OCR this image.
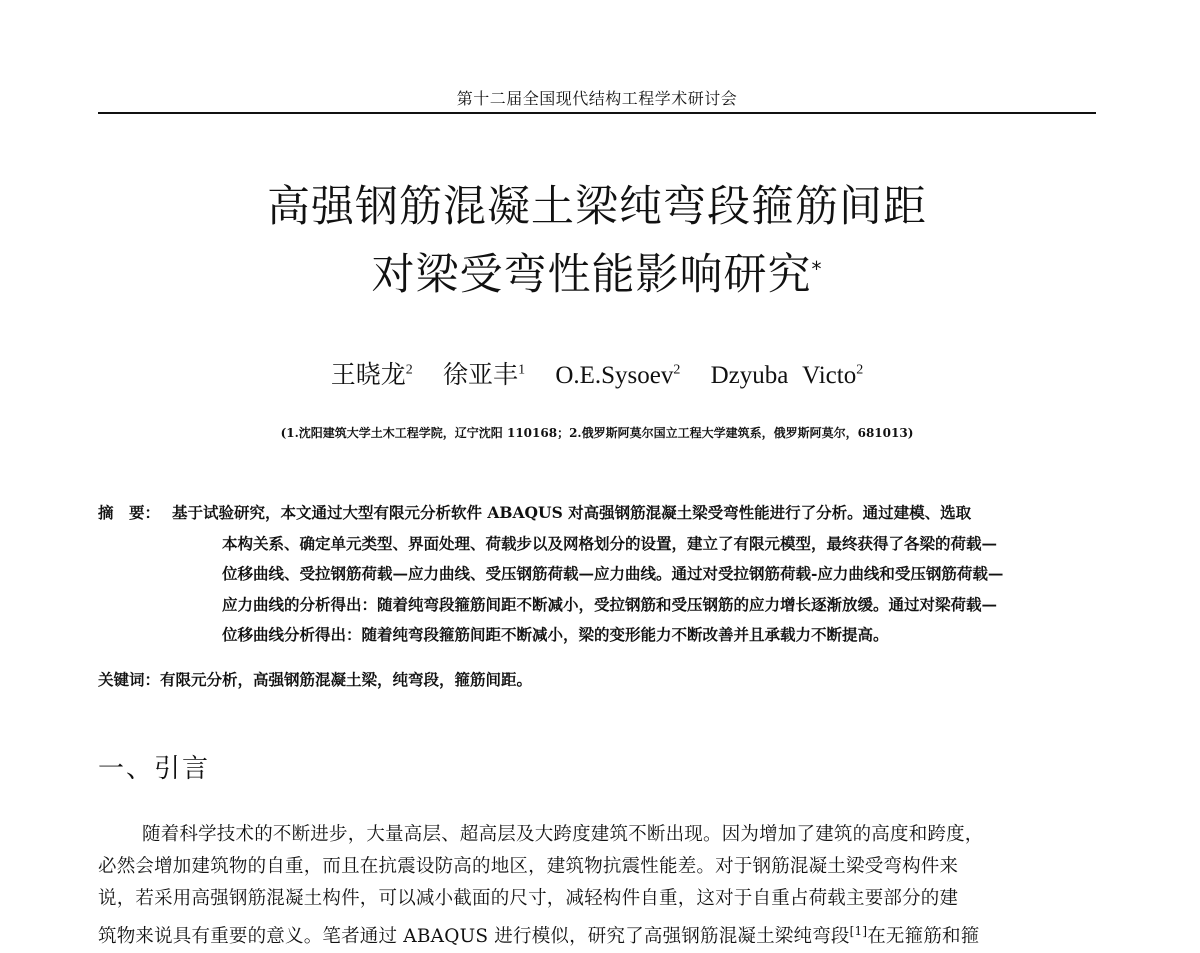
第十二届全国现代结构工程学术研讨会
高强钢筋混凝土梁纯弯段箍筋间距
对梁受弯性能影响研究*
王晓龙$^2$ 徐亚丰$^1$ O.E.Sysoev$^2$ Dzyuba Victo$^2$
(1.沈阳建筑大学土木工程学院，辽宁沈阳 110168；2.俄罗斯阿莫尔国立工程大学建筑系，俄罗斯阿莫尔，681013)
摘　要： 基于试验研究，本文通过大型有限元分析软件 ABAQUS 对高强钢筋混凝土梁受弯性能进行了分析。通过建模、选取
本构关系、确定单元类型、界面处理、荷载步以及网格划分的设置，建立了有限元模型，最终获得了各梁的荷载—
位移曲线、受拉钢筋荷载—应力曲线、受压钢筋荷载—应力曲线。通过对受拉钢筋荷载-应力曲线和受压钢筋荷载—
应力曲线的分析得出：随着纯弯段箍筋间距不断减小，受拉钢筋和受压钢筋的应力增长逐渐放缓。通过对梁荷载—
位移曲线分析得出：随着纯弯段箍筋间距不断减小，梁的变形能力不断改善并且承载力不断提高。
关键词：有限元分析，高强钢筋混凝土梁，纯弯段，箍筋间距。
一、引言
随着科学技术的不断进步，大量高层、超高层及大跨度建筑不断出现。因为增加了建筑的高度和跨度，
必然会增加建筑物的自重，而且在抗震设防高的地区，建筑物抗震性能差。对于钢筋混凝土梁受弯构件来
说，若采用高强钢筋混凝土构件，可以减小截面的尺寸，减轻构件自重，这对于自重占荷载主要部分的建
筑物来说具有重要的意义。笔者通过 ABAQUS 进行模似，研究了高强钢筋混凝土梁纯弯段[1]在无箍筋和箍
